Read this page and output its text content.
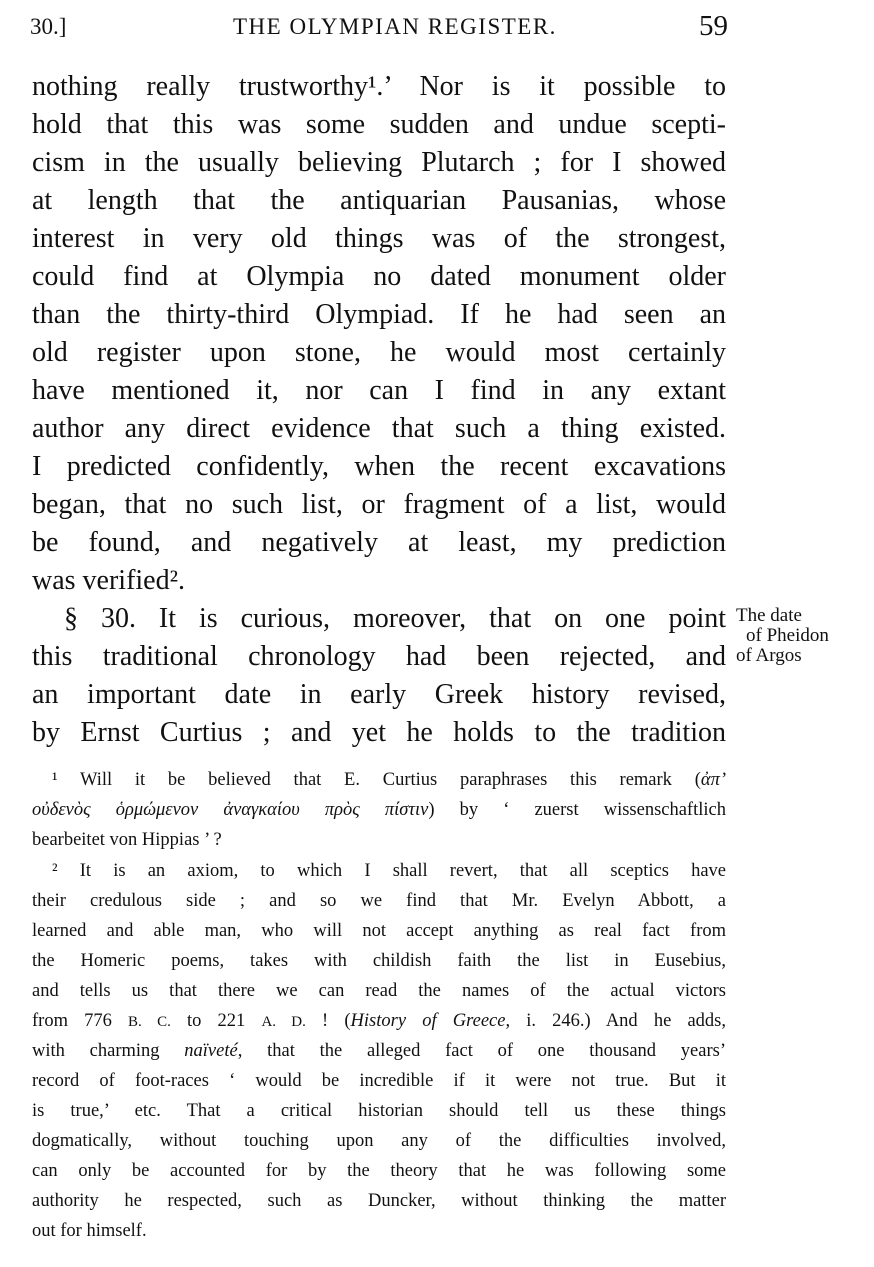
30.]	THE OLYMPIAN REGISTER.	59
nothing really trustworthy¹.’ Nor is it possible to
hold that this was some sudden and undue scepti-
cism in the usually believing Plutarch ; for I showed
at length that the antiquarian Pausanias, whose
interest in very old things was of the strongest,
could find at Olympia no dated monument older
than the thirty-third Olympiad. If he had seen an
old register upon stone, he would most certainly
have mentioned it, nor can I find in any extant
author any direct evidence that such a thing existed.
I predicted confidently, when the recent excavations
began, that no such list, or fragment of a list, would
be found, and negatively at least, my prediction
was verified².
§ 30. It is curious, moreover, that on one point
this traditional chronology had been rejected, and
an important date in early Greek history revised,
by Ernst Curtius ; and yet he holds to the tradition
The date
of Pheidon
of Argos
¹ Will it be believed that E. Curtius paraphrases this remark (ἀπ’
οὐδενὸς ὁρμώμενον ἀναγκαίου πρὸς πίστιν) by ‘ zuerst wissenschaftlich
bearbeitet von Hippias ’ ?
² It is an axiom, to which I shall revert, that all sceptics have
their credulous side ; and so we find that Mr. Evelyn Abbott, a
learned and able man, who will not accept anything as real fact from
the Homeric poems, takes with childish faith the list in Eusebius,
and tells us that there we can read the names of the actual victors
from 776 B. C. to 221 A. D. ! (History of Greece, i. 246.) And he adds,
with charming naïveté, that the alleged fact of one thousand years’
record of foot-races ‘ would be incredible if it were not true. But it
is true,’ etc. That a critical historian should tell us these things
dogmatically, without touching upon any of the difficulties involved,
can only be accounted for by the theory that he was following some
authority he respected, such as Duncker, without thinking the matter
out for himself.
